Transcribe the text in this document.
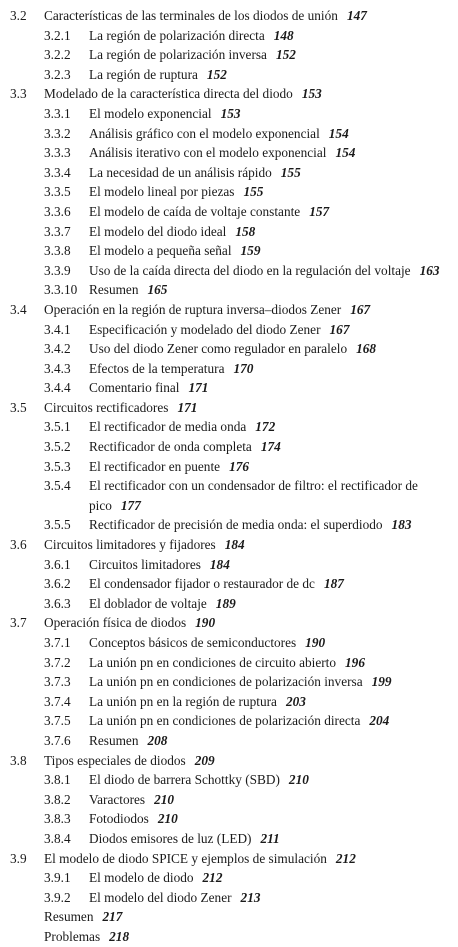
3.2 Características de las terminales de los diodos de unión 147
3.2.1 La región de polarización directa 148
3.2.2 La región de polarización inversa 152
3.2.3 La región de ruptura 152
3.3 Modelado de la característica directa del diodo 153
3.3.1 El modelo exponencial 153
3.3.2 Análisis gráfico con el modelo exponencial 154
3.3.3 Análisis iterativo con el modelo exponencial 154
3.3.4 La necesidad de un análisis rápido 155
3.3.5 El modelo lineal por piezas 155
3.3.6 El modelo de caída de voltaje constante 157
3.3.7 El modelo del diodo ideal 158
3.3.8 El modelo a pequeña señal 159
3.3.9 Uso de la caída directa del diodo en la regulación del voltaje 163
3.3.10 Resumen 165
3.4 Operación en la región de ruptura inversa–diodos Zener 167
3.4.1 Especificación y modelado del diodo Zener 167
3.4.2 Uso del diodo Zener como regulador en paralelo 168
3.4.3 Efectos de la temperatura 170
3.4.4 Comentario final 171
3.5 Circuitos rectificadores 171
3.5.1 El rectificador de media onda 172
3.5.2 Rectificador de onda completa 174
3.5.3 El rectificador en puente 176
3.5.4 El rectificador con un condensador de filtro: el rectificador de
pico 177
3.5.5 Rectificador de precisión de media onda: el superdiodo 183
3.6 Circuitos limitadores y fijadores 184
3.6.1 Circuitos limitadores 184
3.6.2 El condensador fijador o restaurador de dc 187
3.6.3 El doblador de voltaje 189
3.7 Operación física de diodos 190
3.7.1 Conceptos básicos de semiconductores 190
3.7.2 La unión pn en condiciones de circuito abierto 196
3.7.3 La unión pn en condiciones de polarización inversa 199
3.7.4 La unión pn en la región de ruptura 203
3.7.5 La unión pn en condiciones de polarización directa 204
3.7.6 Resumen 208
3.8 Tipos especiales de diodos 209
3.8.1 El diodo de barrera Schottky (SBD) 210
3.8.2 Varactores 210
3.8.3 Fotodiodos 210
3.8.4 Diodos emisores de luz (LED) 211
3.9 El modelo de diodo SPICE y ejemplos de simulación 212
3.9.1 El modelo de diodo 212
3.9.2 El modelo del diodo Zener 213
Resumen 217
Problemas 218
